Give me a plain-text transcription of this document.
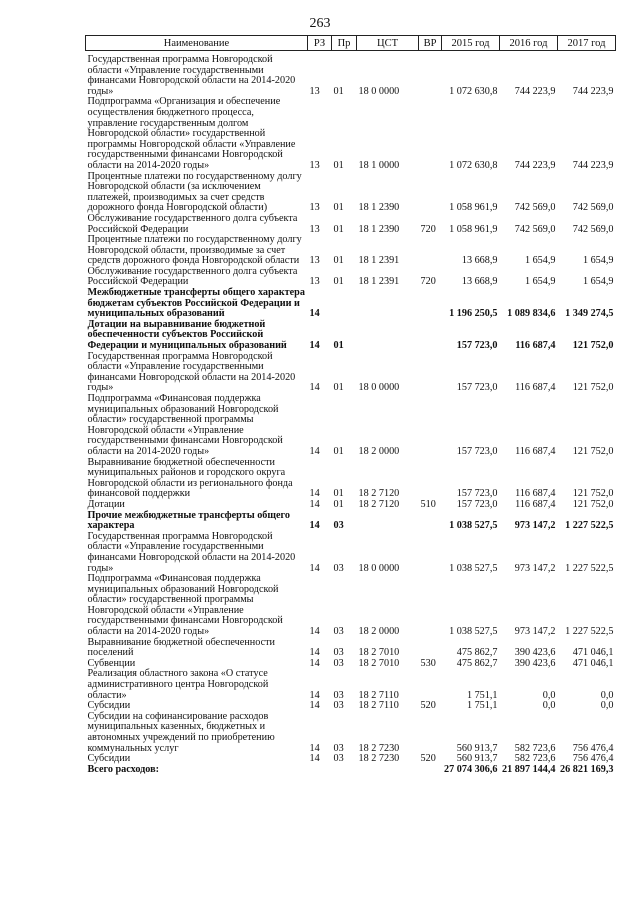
263
Наименование	РЗ	Пр	ЦСТ	ВР	2015 год	2016 год	2017 год
Государственная программа Новгородской области «Управление государственными финансами Новгородской области на 2014-2020 годы»	13	01	18 0 0000		1 072 630,8	744 223,9	744 223,9
Подпрограмма «Организация и обеспечение осуществления бюджетного процесса, управление государственным долгом Новгородской области» государственной программы Новгородской области «Управление государственными финансами Новгородской области на 2014-2020 годы»	13	01	18 1 0000		1 072 630,8	744 223,9	744 223,9
Процентные платежи по государственному долгу Новгородской области (за исключением платежей, производимых за счет средств дорожного фонда Новгородской области)	13	01	18 1 2390		1 058 961,9	742 569,0	742 569,0
Обслуживание государственного долга субъекта Российской Федерации	13	01	18 1 2390	720	1 058 961,9	742 569,0	742 569,0
Процентные платежи по государственному долгу Новгородской области, производимые за счет средств дорожного фонда Новгородской области	13	01	18 1 2391		13 668,9	1 654,9	1 654,9
Обслуживание государственного долга субъекта Российской Федерации	13	01	18 1 2391	720	13 668,9	1 654,9	1 654,9
Межбюджетные трансферты общего характера бюджетам субъектов Российской Федерации и муниципальных образований	14				1 196 250,5	1 089 834,6	1 349 274,5
Дотации на выравнивание бюджетной обеспеченности субъектов Российской Федерации и муниципальных образований	14	01			157 723,0	116 687,4	121 752,0
Государственная программа Новгородской области «Управление государственными финансами Новгородской области на 2014-2020 годы»	14	01	18 0 0000		157 723,0	116 687,4	121 752,0
Подпрограмма «Финансовая поддержка муниципальных образований Новгородской области» государственной программы Новгородской области «Управление государственными финансами Новгородской области на 2014-2020 годы»	14	01	18 2 0000		157 723,0	116 687,4	121 752,0
Выравнивание бюджетной обеспеченности муниципальных районов и городского округа Новгородской области из регионального фонда финансовой поддержки	14	01	18 2 7120		157 723,0	116 687,4	121 752,0
Дотации	14	01	18 2 7120	510	157 723,0	116 687,4	121 752,0
Прочие межбюджетные трансферты общего характера	14	03			1 038 527,5	973 147,2	1 227 522,5
Государственная программа Новгородской области «Управление государственными финансами Новгородской области на 2014-2020 годы»	14	03	18 0 0000		1 038 527,5	973 147,2	1 227 522,5
Подпрограмма «Финансовая поддержка муниципальных образований Новгородской области» государственной программы Новгородской области «Управление государственными финансами Новгородской области на 2014-2020 годы»	14	03	18 2 0000		1 038 527,5	973 147,2	1 227 522,5
Выравнивание бюджетной обеспеченности поселений	14	03	18 2 7010		475 862,7	390 423,6	471 046,1
Субвенции	14	03	18 2 7010	530	475 862,7	390 423,6	471 046,1
Реализация областного закона «О статусе административного центра Новгородской области»	14	03	18 2 7110		1 751,1	0,0	0,0
Субсидии	14	03	18 2 7110	520	1 751,1	0,0	0,0
Субсидии на софинансирование расходов муниципальных казенных, бюджетных и автономных учреждений по приобретению коммунальных услуг	14	03	18 2 7230		560 913,7	582 723,6	756 476,4
Субсидии	14	03	18 2 7230	520	560 913,7	582 723,6	756 476,4
Всего расходов:					27 074 306,6	21 897 144,4	26 821 169,3
